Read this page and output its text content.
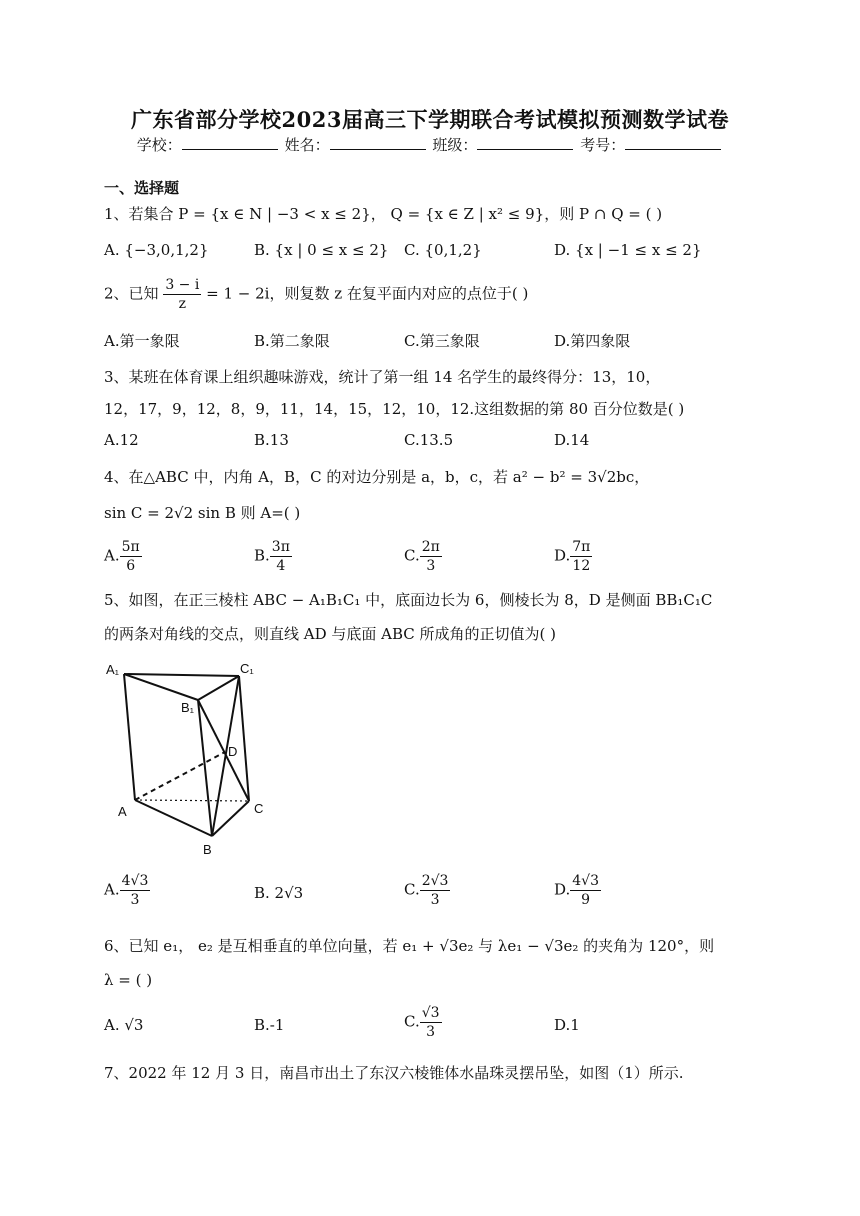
广东省部分学校2023届高三下学期联合考试模拟预测数学试卷
学校：	姓名：	班级：	考号：
一、选择题
1、若集合 P = {x ∈ N | −3 < x ≤ 2}， Q = {x ∈ Z | x² ≤ 9}，则 P ∩ Q = ( )
A. {−3,0,1,2}	B. {x | 0 ≤ x ≤ 2} C. {0,1,2}	D. {x | −1 ≤ x ≤ 2}
2、已知 $\frac{3 - i}{z} = 1 - 2i$，则复数 z 在复平面内对应的点位于( )
A.第一象限	B.第二象限	C.第三象限	D.第四象限
3、某班在体育课上组织趣味游戏，统计了第一组 14 名学生的最终得分：13，10，
12，17，9，12，8，9，11，14，15，12，10，12.这组数据的第 80 百分位数是( )
A.12	B.13	C.13.5	D.14
4、在△ABC 中，内角 A，B，C 的对边分别是 a，b，c，若 a² − b² = 3√2bc，
sin C = 2√2 sin B 则 A=( )
A. $\frac{5\pi}{6}$	B. $\frac{3\pi}{4}$	C. $\frac{2\pi}{3}$	D. $\frac{7\pi}{12}$
5、如图，在正三棱柱 ABC − A₁B₁C₁ 中，底面边长为 6，侧棱长为 8，D 是侧面 BB₁C₁C
的两条对角线的交点，则直线 AD 与底面 ABC 所成角的正切值为( )
A₁	C₁
B₁
D
A	C
B
A. $\frac{4√3}{3}$	B. 2√3	C. $\frac{2√3}{3}$	D. $\frac{4√3}{9}$
6、已知 e₁， e₂ 是互相垂直的单位向量，若 e₁ + √3e₂ 与 λe₁ − √3e₂ 的夹角为 120°，则
λ = ( )
A. √3	B.-1	C. $\frac{√3}{3}$	D.1
7、2022 年 12 月 3 日，南昌市出土了东汉六棱锥体水晶珠灵摆吊坠，如图（1）所示.
